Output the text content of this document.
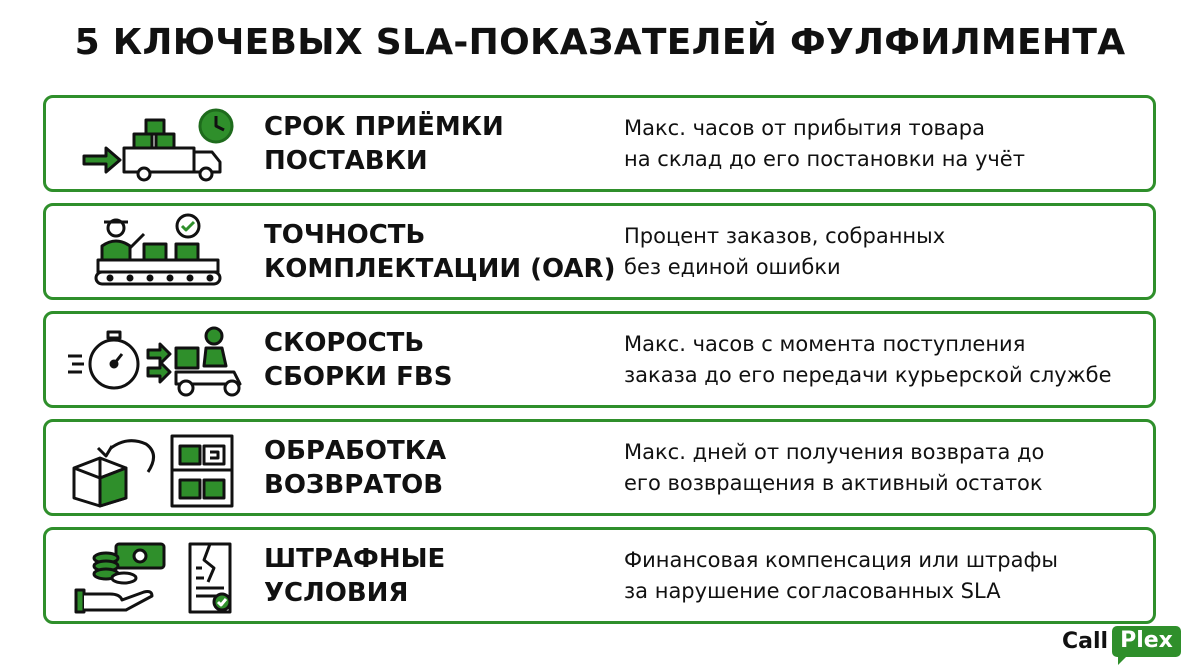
5 КЛЮЧЕВЫХ SLA-ПОКАЗАТЕЛЕЙ ФУЛФИЛМЕНТА
СРОК ПРИЁМКИ
ПОСТАВКИ
Макс. часов от прибытия товара
на склад до его постановки на учёт
ТОЧНОСТЬ
КОМПЛЕКТАЦИИ (OAR)
Процент заказов, собранных
без единой ошибки
СКОРОСТЬ
СБОРКИ FBS
Макс. часов с момента поступления
заказа до его передачи курьерской службе
ОБРАБОТКА
ВОЗВРАТОВ
Макс. дней от получения возврата до
его возвращения в активный остаток
ШТРАФНЫЕ
УСЛОВИЯ
Финансовая компенсация или штрафы
за нарушение согласованных SLA
Call Plex
